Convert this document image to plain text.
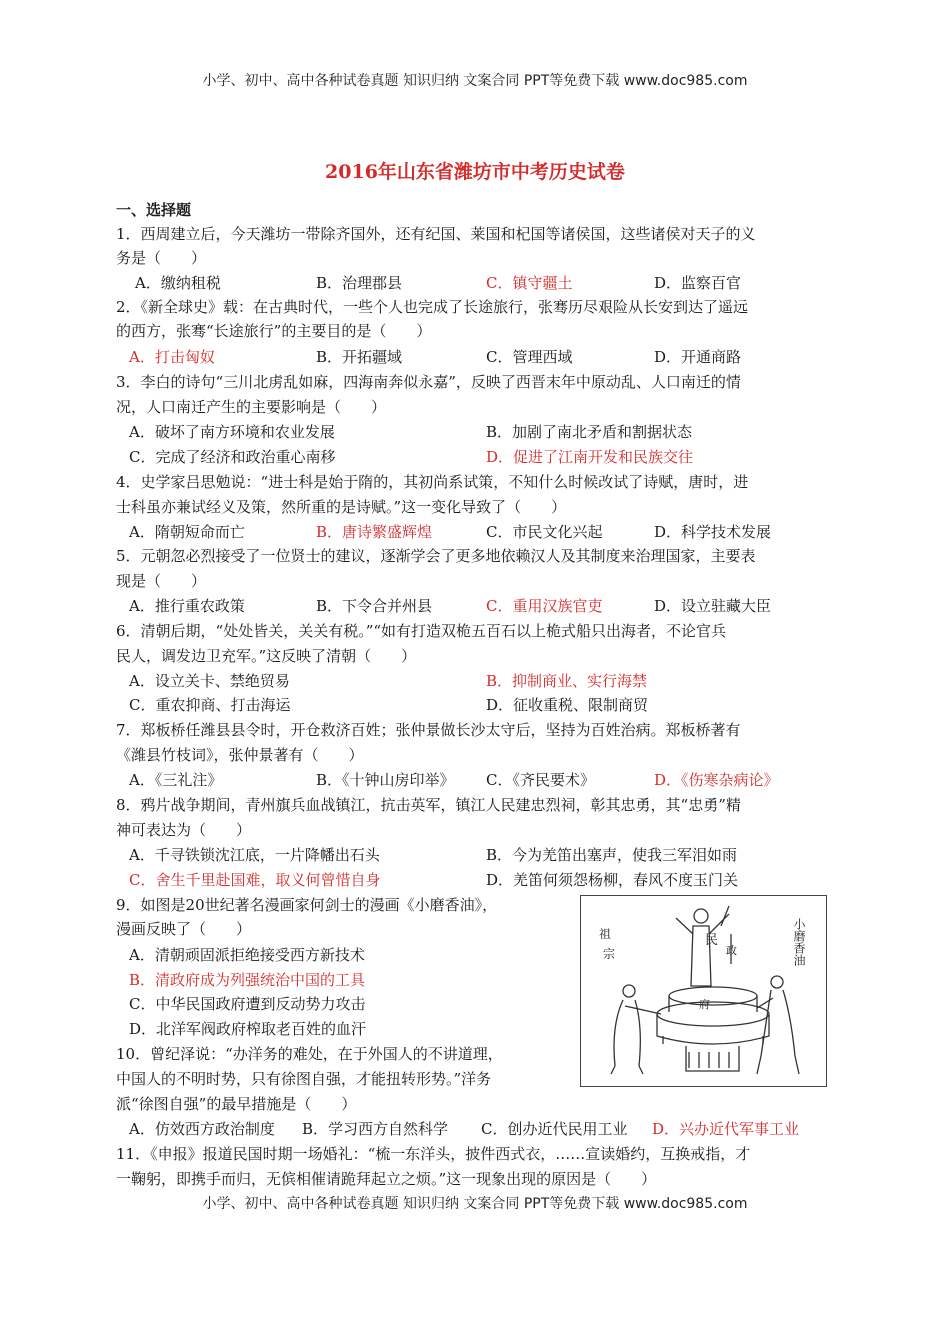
小学、初中、高中各种试卷真题 知识归纳 文案合同 PPT等免费下载 www.doc985.com
2016年山东省潍坊市中考历史试卷
一、选择题
1．西周建立后，今天潍坊一带除齐国外，还有纪国、莱国和杞国等诸侯国，这些诸侯对天子的义
务是（　　）
A．缴纳租税	B．治理郡县	C．镇守疆土	D．监察百官
2．《新全球史》载：在古典时代，一些个人也完成了长途旅行，张骞历尽艰险从长安到达了遥远
的西方，张骞“长途旅行”的主要目的是（　　）
A．打击匈奴	B．开拓疆域	C．管理西域	D．开通商路
3．李白的诗句“三川北虏乱如麻，四海南奔似永嘉”，反映了西晋末年中原动乱、人口南迁的情
况，人口南迁产生的主要影响是（　　）
A．破坏了南方环境和农业发展	B．加剧了南北矛盾和割据状态
C．完成了经济和政治重心南移	D．促进了江南开发和民族交往
4．史学家吕思勉说：“进士科是始于隋的，其初尚系试策，不知什么时候改试了诗赋，唐时，进
士科虽亦兼试经义及策，然所重的是诗赋。”这一变化导致了（　　）
A．隋朝短命而亡	B．唐诗繁盛辉煌	C．市民文化兴起	D．科学技术发展
5．元朝忽必烈接受了一位贤士的建议，逐渐学会了更多地依赖汉人及其制度来治理国家，主要表
现是（　　）
A．推行重农政策	B．下令合并州县	C．重用汉族官吏	D．设立驻藏大臣
6．清朝后期，“处处皆关，关关有税。”“如有打造双桅五百石以上桅式船只出海者，不论官兵
民人，调发边卫充军。”这反映了清朝（　　）
A．设立关卡、禁绝贸易	B．抑制商业、实行海禁
C．重农抑商、打击海运	D．征收重税、限制商贸
7．郑板桥任潍县县令时，开仓救济百姓；张仲景做长沙太守后，坚持为百姓治病。郑板桥著有
《潍县竹枝词》，张仲景著有（　　）
A．《三礼注》	B．《十钟山房印举》 C．《齐民要术》	D．《伤寒杂病论》
8．鸦片战争期间，青州旗兵血战镇江，抗击英军，镇江人民建忠烈祠，彰其忠勇，其“忠勇”精
神可表达为（　　）
A．千寻铁锁沈江底，一片降幡出石头	B．今为羌笛出塞声，使我三军泪如雨
C．舍生千里赴国难，取义何曾惜自身	D．羌笛何须怨杨柳，春风不度玉门关
9．如图是20世纪著名漫画家何剑士的漫画《小磨香油》，
漫画反映了（　　）
A．清朝顽固派拒绝接受西方新技术
B．清政府成为列强统治中国的工具
C．中华民国政府遭到反动势力攻击
D．北洋军阀政府榨取老百姓的血汗
10．曾纪泽说：“办洋务的难处，在于外国人的不讲道理，
中国人的不明时势，只有徐图自强，才能扭转形势。”洋务
派“徐图自强”的最早措施是（　　）
A．仿效西方政治制度 B．学习西方自然科学 C．创办近代民用工业 D．兴办近代军事工业
11．《申报》报道民国时期一场婚礼：“梳一东洋头，披件西式衣，……宣读婚约，互换戒指，才
一鞠躬，即携手而归，无傧相催请跪拜起立之烦。”这一现象出现的原因是（　　）
民
政
府
祖
宗	小磨香油
小学、初中、高中各种试卷真题 知识归纳 文案合同 PPT等免费下载 www.doc985.com
